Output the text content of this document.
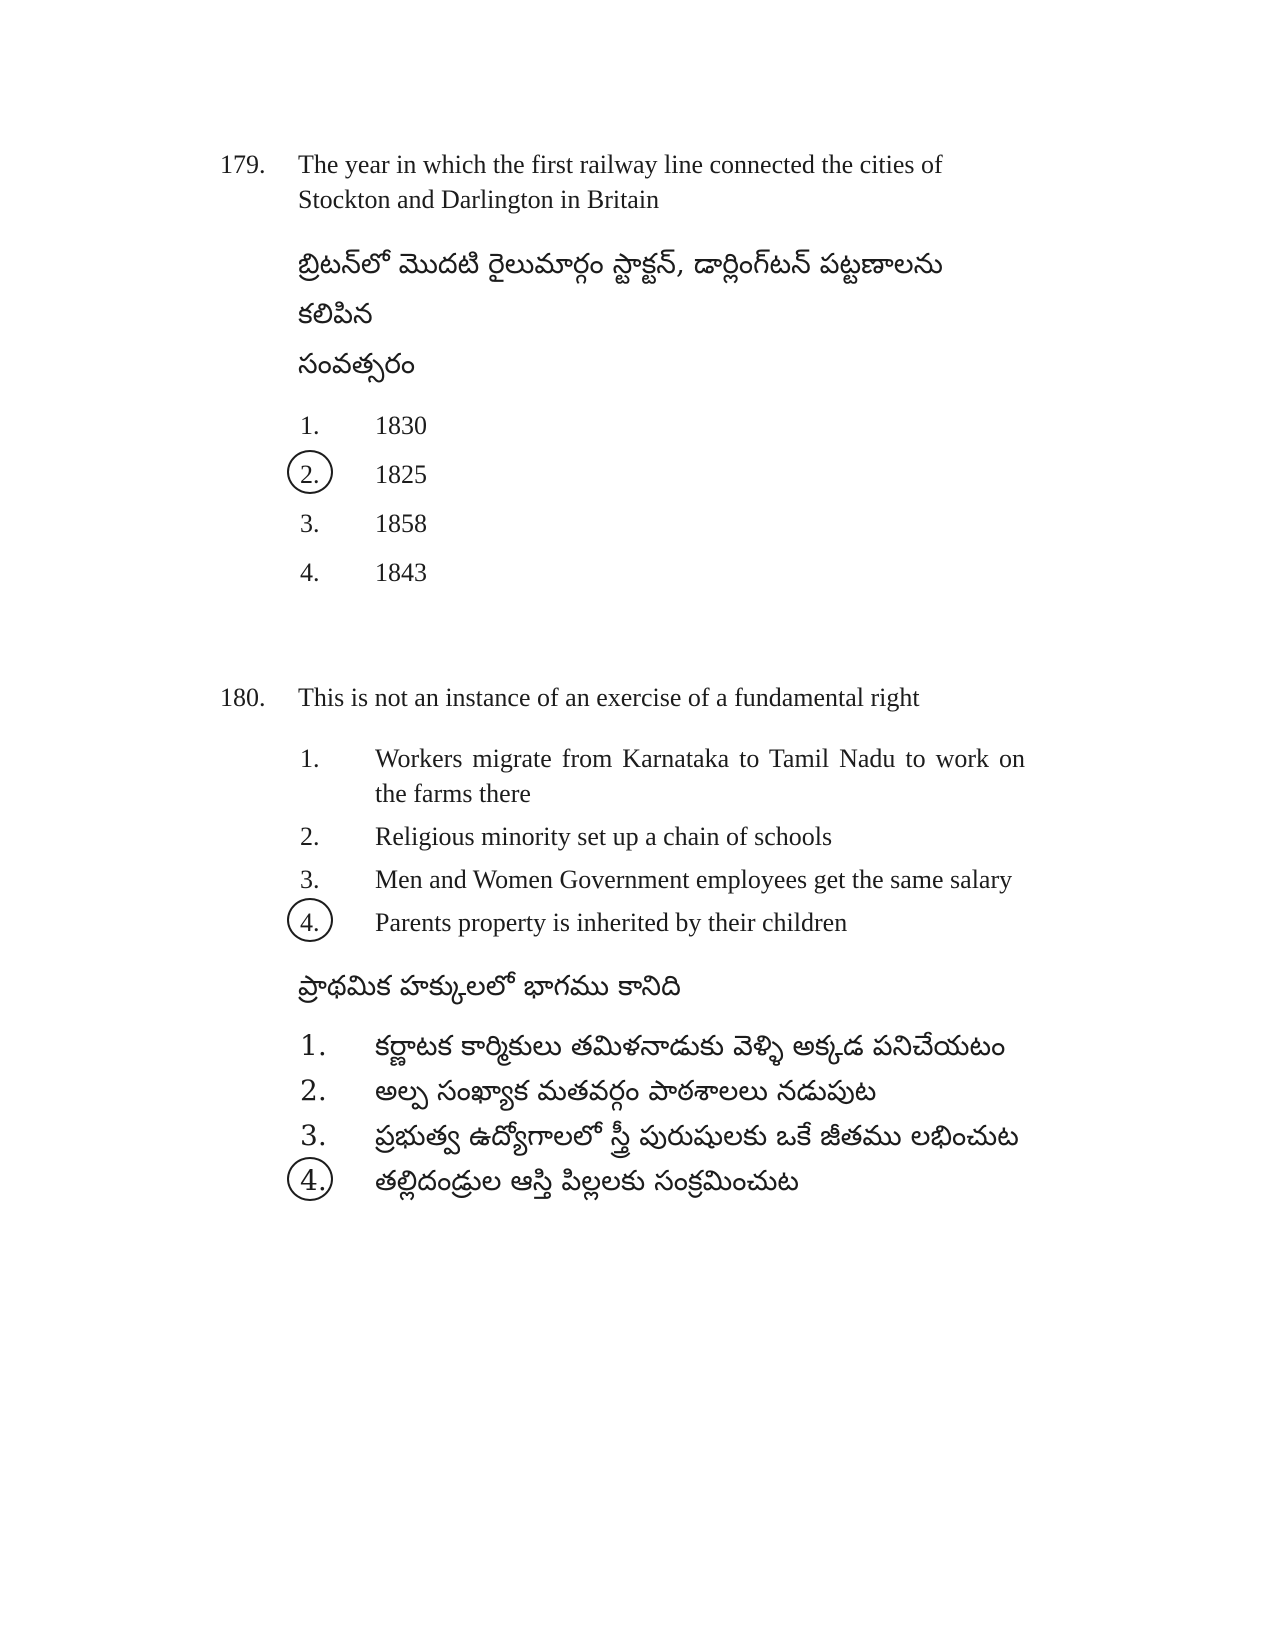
179.	The year in which the first railway line connected the cities of Stockton and Darlington in Britain
బ్రిటన్‌లో మొదటి రైలుమార్గం స్టాక్టన్, డార్లింగ్‌టన్ పట్టణాలను కలిపిన
సంవత్సరం
1.	1830
2.	1825
3.	1858
4.	1843
180.	This is not an instance of an exercise of a fundamental right
1.	Workers migrate from Karnataka to Tamil Nadu to work on the farms there
2.	Religious minority set up a chain of schools
3.	Men and Women Government employees get the same salary
4.	Parents property is inherited by their children
ప్రాథమిక హక్కులలో భాగము కానిది
1.	కర్ణాటక కార్మికులు తమిళనాడుకు వెళ్ళి అక్కడ పనిచేయటం
2.	అల్ప సంఖ్యాక మతవర్గం పాఠశాలలు నడుపుట
3.	ప్రభుత్వ ఉద్యోగాలలో స్త్రీ పురుషులకు ఒకే జీతము లభించుట
4.	తల్లిదండ్రుల ఆస్తి పిల్లలకు సంక్రమించుట
